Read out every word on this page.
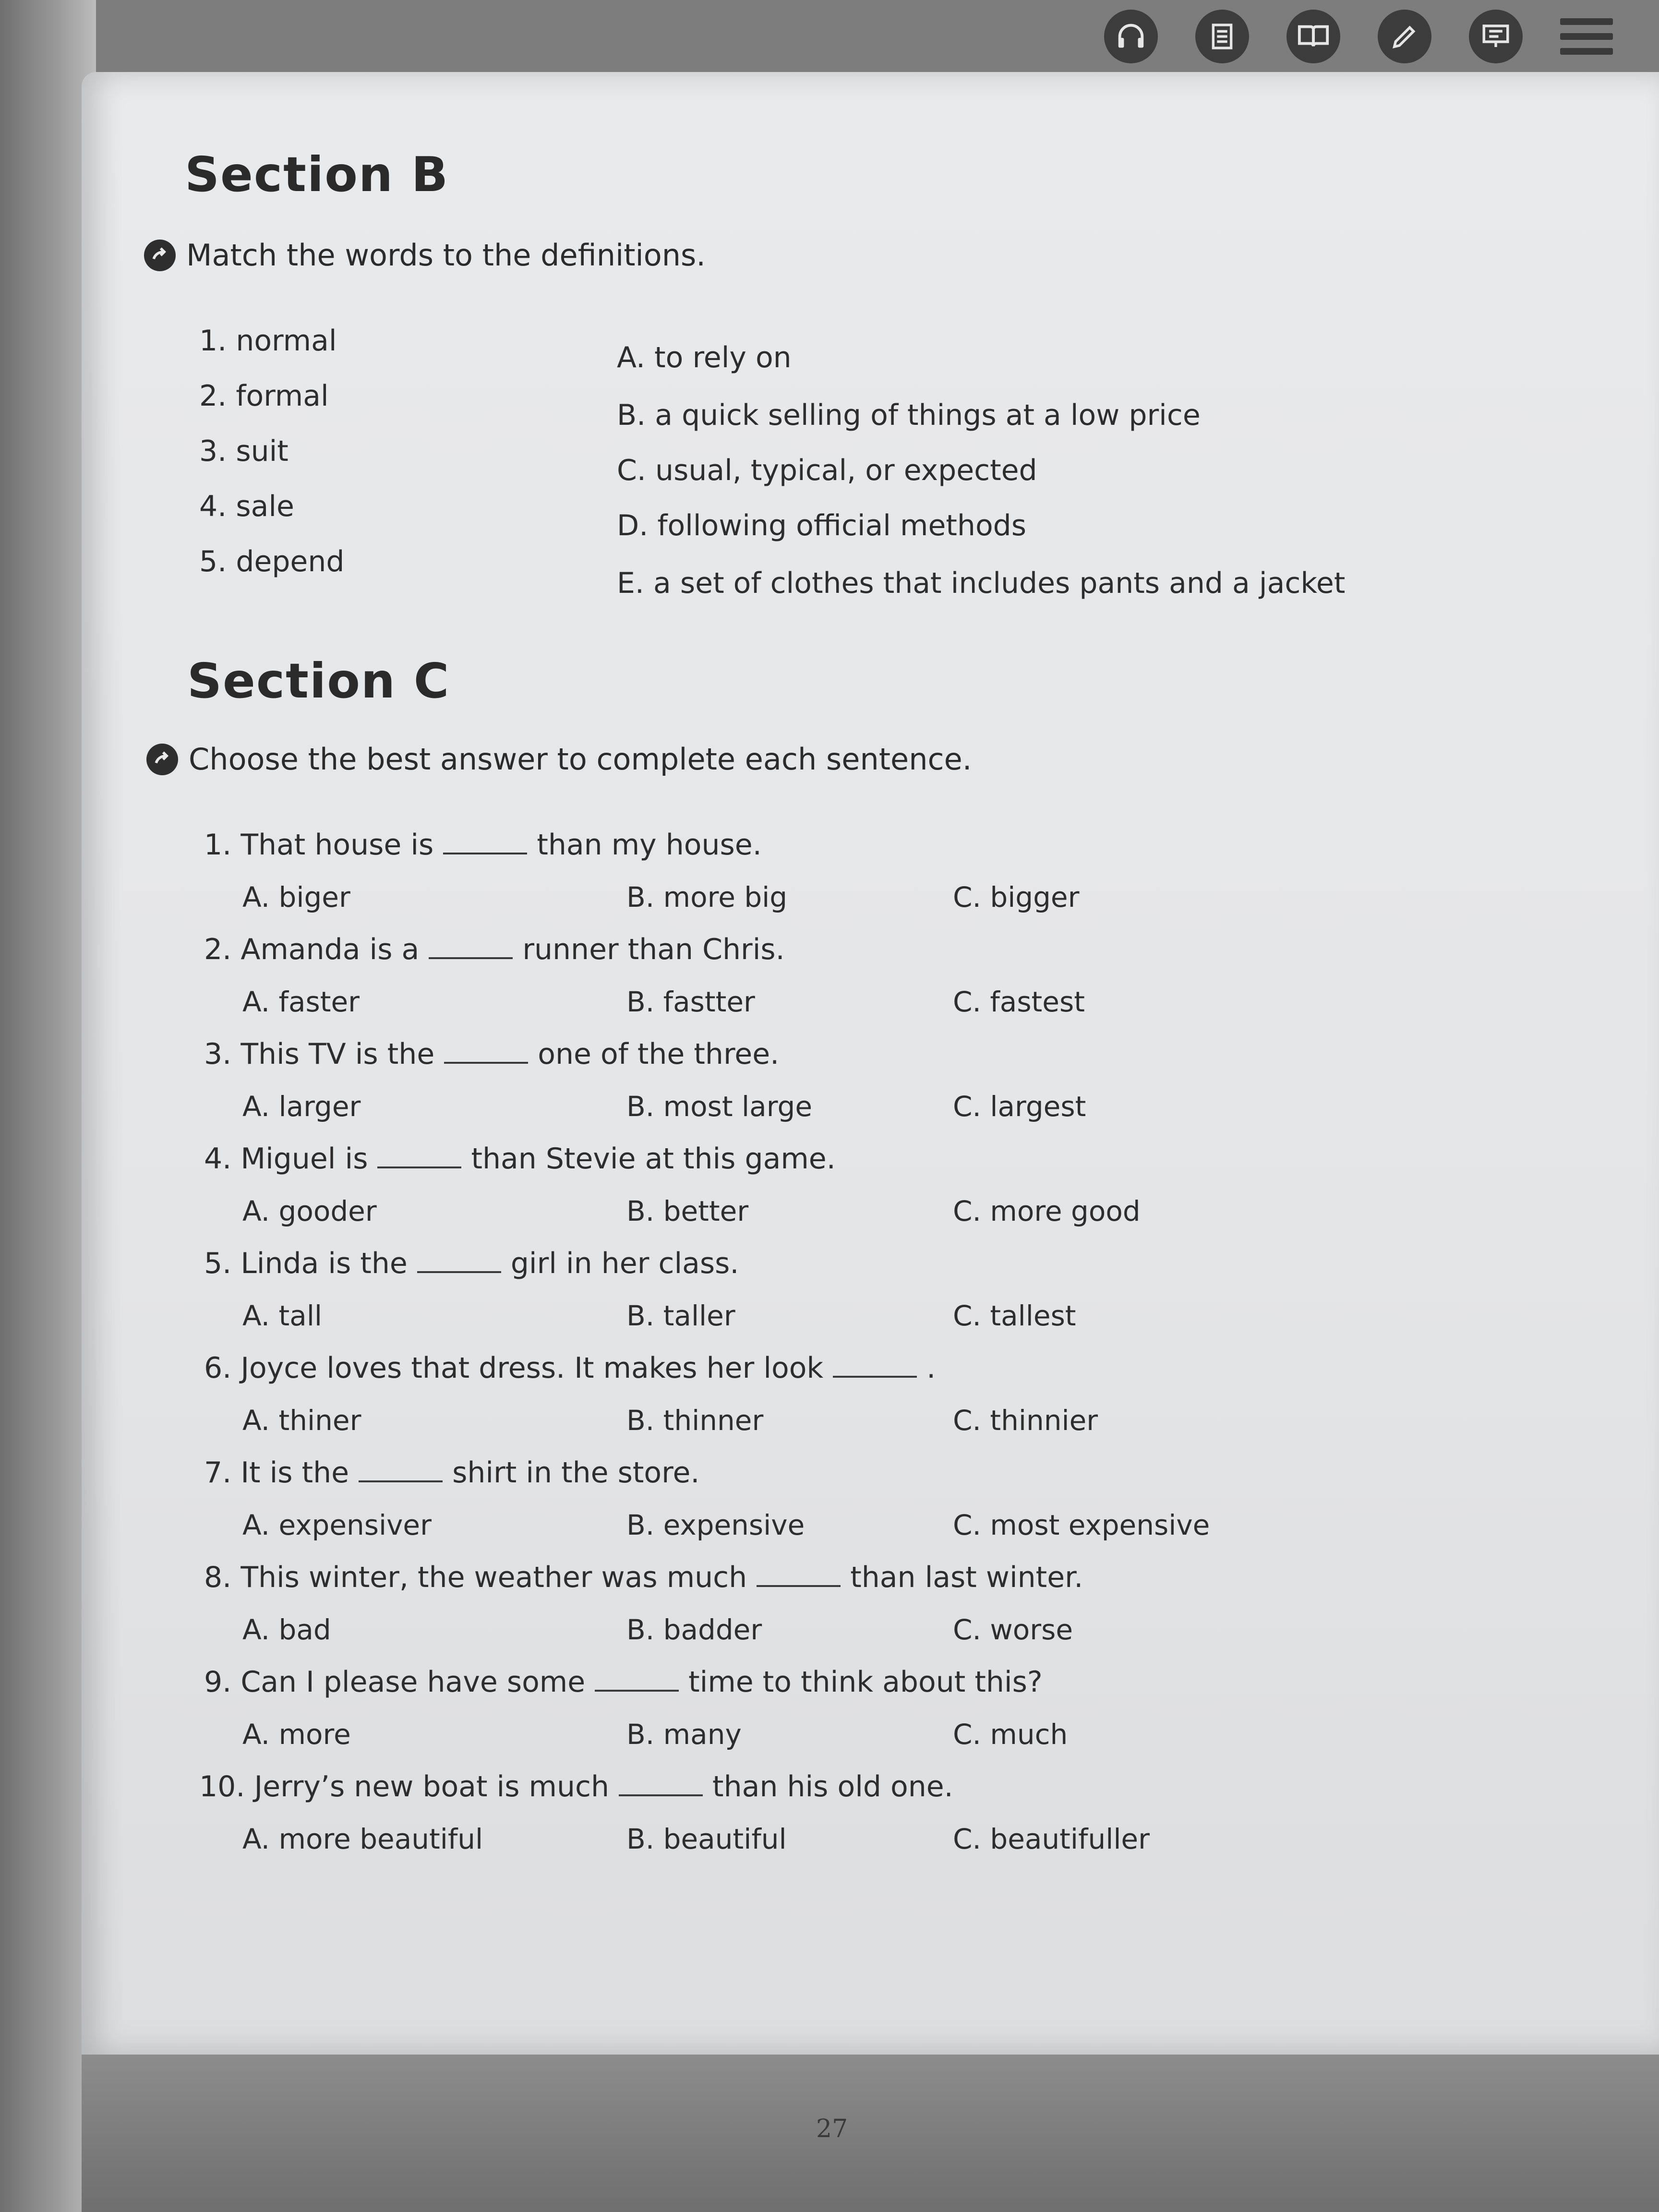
Section B
Match the words to the definitions.
1. normal
2. formal
3. suit
4. sale
5. depend
A. to rely on
B. a quick selling of things at a low price
C. usual, typical, or expected
D. following official methods
E. a set of clothes that includes pants and a jacket
Section C
Choose the best answer to complete each sentence.
1. That house is	than my house.
A. biger	B. more big	C. bigger
2. Amanda is a	runner than Chris.
A. faster	B. fastter	C. fastest
3. This TV is the	one of the three.
A. larger	B. most large	C. largest
4. Miguel is	than Stevie at this game.
A. gooder	B. better	C. more good
5. Linda is the	girl in her class.
A. tall	B. taller	C. tallest
6. Joyce loves that dress. It makes her look	.
A. thiner	B. thinner	C. thinnier
7. It is the	shirt in the store.
A. expensiver	B. expensive	C. most expensive
8. This winter, the weather was much	than last winter.
A. bad	B. badder	C. worse
9. Can I please have some	time to think about this?
A. more	B. many	C. much
10. Jerry’s new boat is much	than his old one.
A. more beautiful	B. beautiful	C. beautifuller
27
